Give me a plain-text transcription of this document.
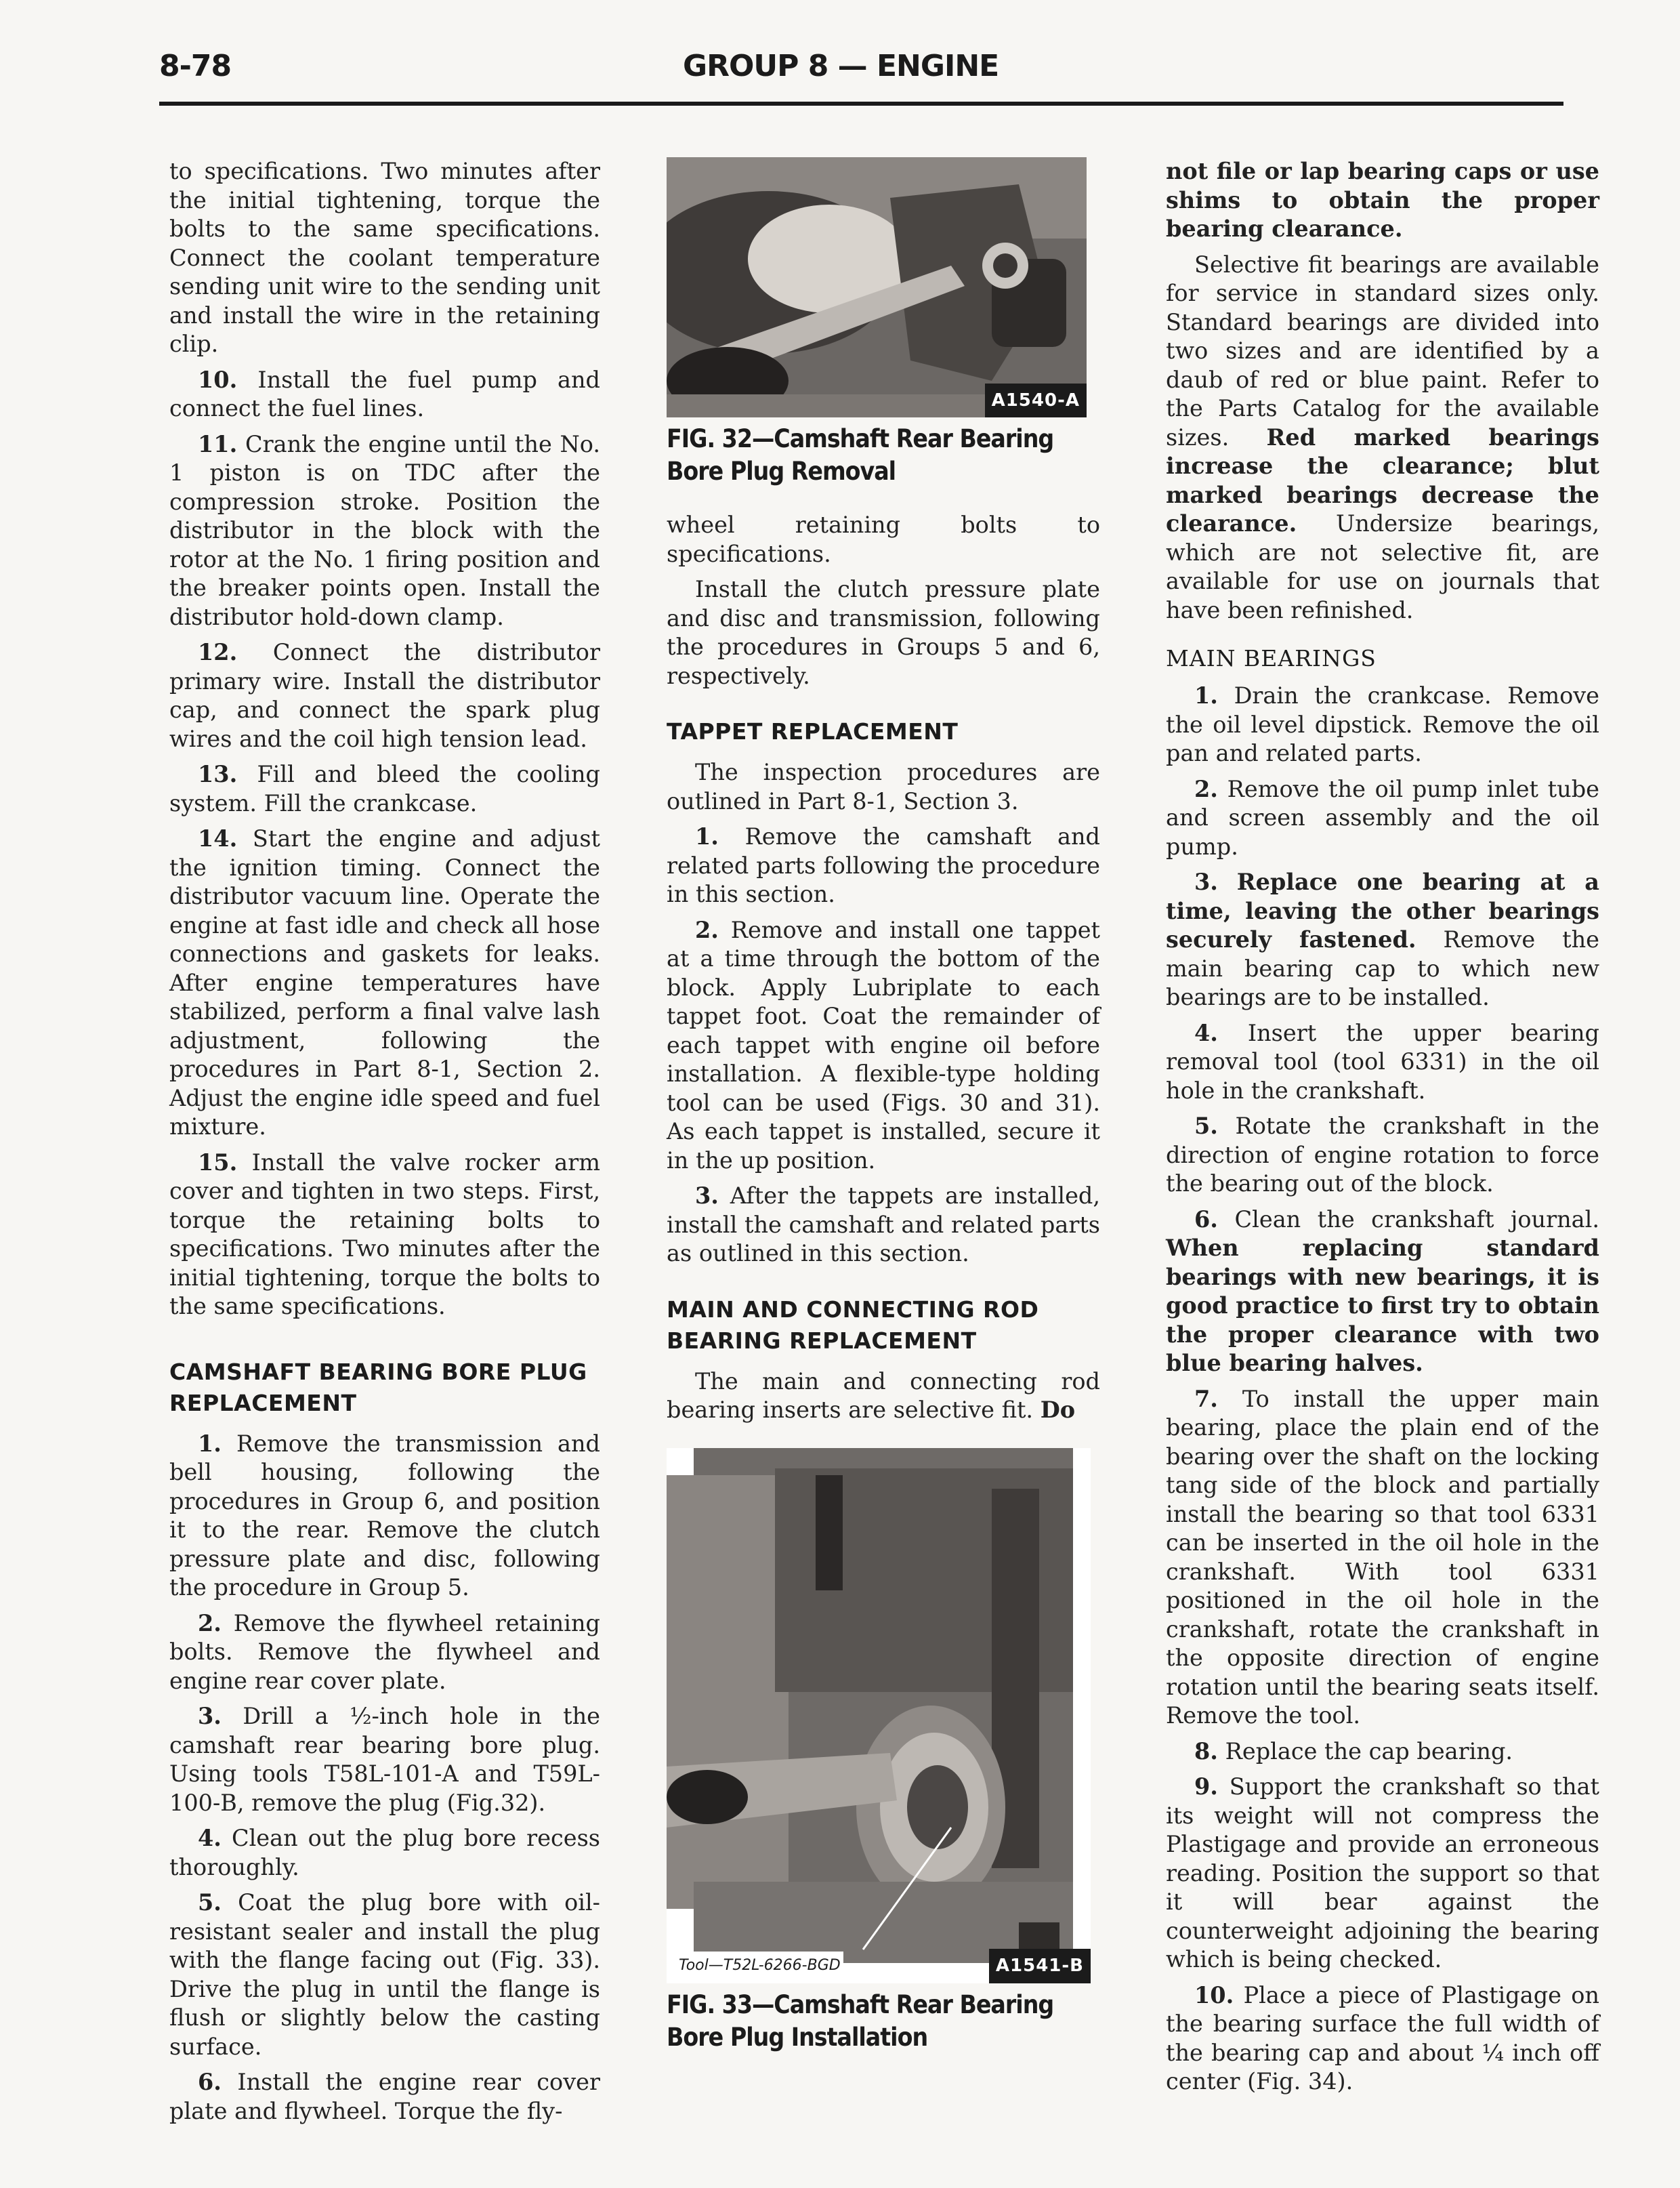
8-78	GROUP 8 — ENGINE

to specifications. Two minutes after the initial tightening, torque the bolts to the same specifications. Connect the coolant temperature sending unit wire to the sending unit and install the wire in the retaining clip.

10. Install the fuel pump and connect the fuel lines.

11. Crank the engine until the No. 1 piston is on TDC after the compression stroke. Position the distributor in the block with the rotor at the No. 1 firing position and the breaker points open. Install the distributor hold-down clamp.

12. Connect the distributor primary wire. Install the distributor cap, and connect the spark plug wires and the coil high tension lead.

13. Fill and bleed the cooling system. Fill the crankcase.

14. Start the engine and adjust the ignition timing. Connect the distributor vacuum line. Operate the engine at fast idle and check all hose connections and gaskets for leaks. After engine temperatures have stabilized, perform a final valve lash adjustment, following the procedures in Part 8-1, Section 2. Adjust the engine idle speed and fuel mixture.

15. Install the valve rocker arm cover and tighten in two steps. First, torque the retaining bolts to specifications. Two minutes after the initial tightening, torque the bolts to the same specifications.

CAMSHAFT BEARING BORE PLUG REPLACEMENT

1. Remove the transmission and bell housing, following the procedures in Group 6, and position it to the rear. Remove the clutch pressure plate and disc, following the procedure in Group 5.

2. Remove the flywheel retaining bolts. Remove the flywheel and engine rear cover plate.

3. Drill a ½-inch hole in the camshaft rear bearing bore plug. Using tools T58L-101-A and T59L-100-B, remove the plug (Fig.32).

4. Clean out the plug bore recess thoroughly.

5. Coat the plug bore with oil-resistant sealer and install the plug with the flange facing out (Fig. 33). Drive the plug in until the flange is flush or slightly below the casting surface.

6. Install the engine rear cover plate and flywheel. Torque the fly-

A1540-A
FIG. 32—Camshaft Rear Bearing Bore Plug Removal

wheel retaining bolts to specifications.

Install the clutch pressure plate and disc and transmission, following the procedures in Groups 5 and 6, respectively.

TAPPET REPLACEMENT

The inspection procedures are outlined in Part 8-1, Section 3.

1. Remove the camshaft and related parts following the procedure in this section.

2. Remove and install one tappet at a time through the bottom of the block. Apply Lubriplate to each tappet foot. Coat the remainder of each tappet with engine oil before installation. A flexible-type holding tool can be used (Figs. 30 and 31). As each tappet is installed, secure it in the up position.

3. After the tappets are installed, install the camshaft and related parts as outlined in this section.

MAIN AND CONNECTING ROD BEARING REPLACEMENT

The main and connecting rod bearing inserts are selective fit. Do

Tool—T52L-6266-BGD	A1541-B
FIG. 33—Camshaft Rear Bearing Bore Plug Installation

not file or lap bearing caps or use shims to obtain the proper bearing clearance.

Selective fit bearings are available for service in standard sizes only. Standard bearings are divided into two sizes and are identified by a daub of red or blue paint. Refer to the Parts Catalog for the available sizes. Red marked bearings increase the clearance; blut marked bearings decrease the clearance. Undersize bearings, which are not selective fit, are available for use on journals that have been refinished.

MAIN BEARINGS

1. Drain the crankcase. Remove the oil level dipstick. Remove the oil pan and related parts.

2. Remove the oil pump inlet tube and screen assembly and the oil pump.

3. Replace one bearing at a time, leaving the other bearings securely fastened. Remove the main bearing cap to which new bearings are to be installed.

4. Insert the upper bearing removal tool (tool 6331) in the oil hole in the crankshaft.

5. Rotate the crankshaft in the direction of engine rotation to force the bearing out of the block.

6. Clean the crankshaft journal. When replacing standard bearings with new bearings, it is good practice to first try to obtain the proper clearance with two blue bearing halves.

7. To install the upper main bearing, place the plain end of the bearing over the shaft on the locking tang side of the block and partially install the bearing so that tool 6331 can be inserted in the oil hole in the crankshaft. With tool 6331 positioned in the oil hole in the crankshaft, rotate the crankshaft in the opposite direction of engine rotation until the bearing seats itself. Remove the tool.

8. Replace the cap bearing.

9. Support the crankshaft so that its weight will not compress the Plastigage and provide an erroneous reading. Position the support so that it will bear against the counterweight adjoining the bearing which is being checked.

10. Place a piece of Plastigage on the bearing surface the full width of the bearing cap and about ¼ inch off center (Fig. 34).
